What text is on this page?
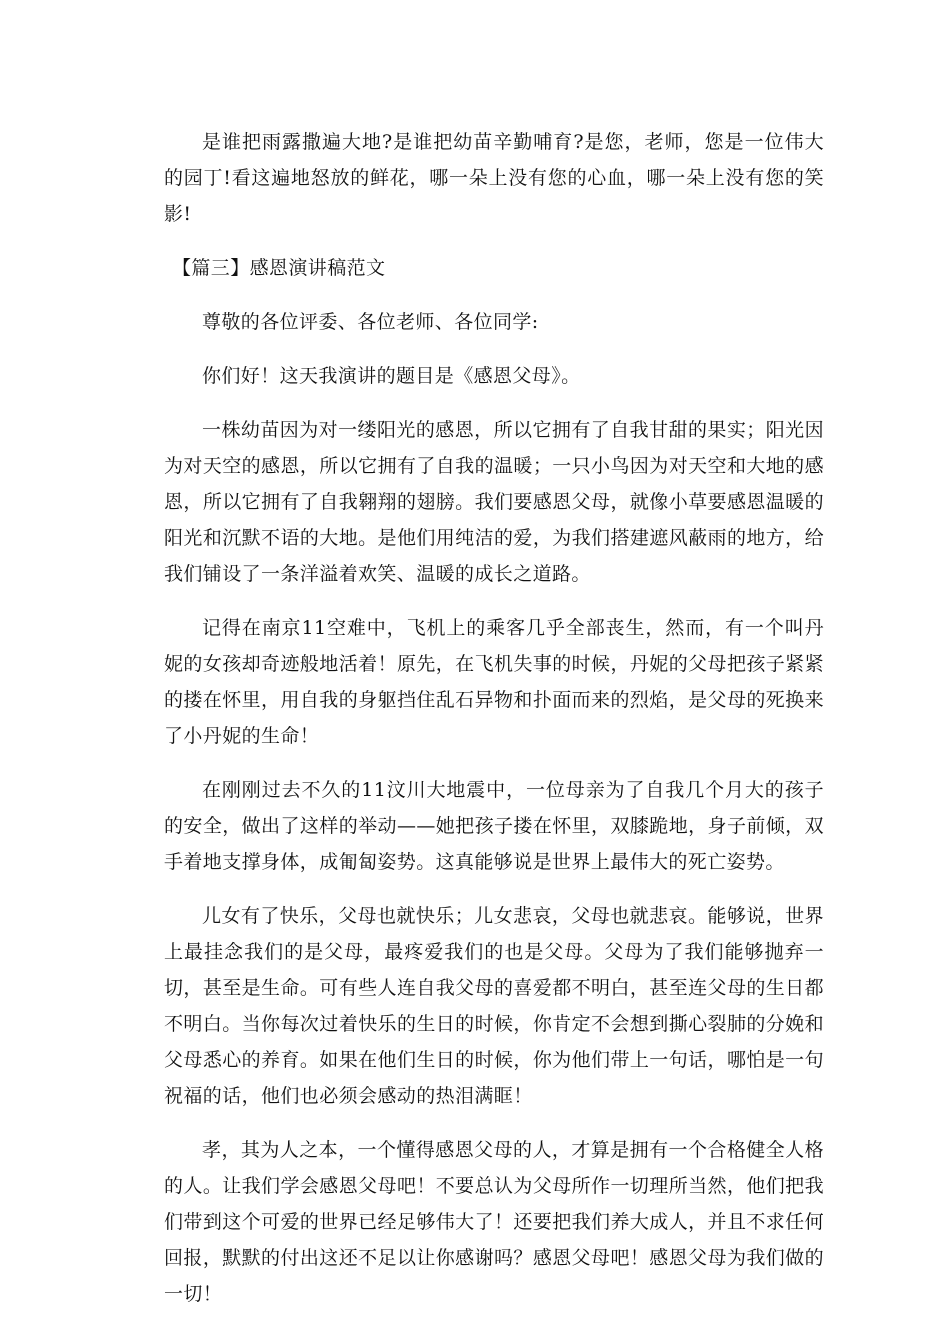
是谁把雨露撒遍大地?是谁把幼苗辛勤哺育?是您，老师，您是一位伟大的园丁!看这遍地怒放的鲜花，哪一朵上没有您的心血，哪一朵上没有您的笑影!

【篇三】感恩演讲稿范文

尊敬的各位评委、各位老师、各位同学:

你们好！这天我演讲的题目是《感恩父母》。

一株幼苗因为对一缕阳光的感恩，所以它拥有了自我甘甜的果实；阳光因为对天空的感恩，所以它拥有了自我的温暖；一只小鸟因为对天空和大地的感恩，所以它拥有了自我翱翔的翅膀。我们要感恩父母，就像小草要感恩温暖的阳光和沉默不语的大地。是他们用纯洁的爱，为我们搭建遮风蔽雨的地方，给我们铺设了一条洋溢着欢笑、温暖的成长之道路。

记得在南京11空难中，飞机上的乘客几乎全部丧生，然而，有一个叫丹妮的女孩却奇迹般地活着！原先，在飞机失事的时候，丹妮的父母把孩子紧紧的搂在怀里，用自我的身躯挡住乱石异物和扑面而来的烈焰，是父母的死换来了小丹妮的生命！

在刚刚过去不久的11汶川大地震中，一位母亲为了自我几个月大的孩子的安全，做出了这样的举动——她把孩子搂在怀里，双膝跪地，身子前倾，双手着地支撑身体，成匍匐姿势。这真能够说是世界上最伟大的死亡姿势。

儿女有了快乐，父母也就快乐；儿女悲哀，父母也就悲哀。能够说，世界上最挂念我们的是父母，最疼爱我们的也是父母。父母为了我们能够抛弃一切，甚至是生命。可有些人连自我父母的喜爱都不明白，甚至连父母的生日都不明白。当你每次过着快乐的生日的时候，你肯定不会想到撕心裂肺的分娩和父母悉心的养育。如果在他们生日的时候，你为他们带上一句话，哪怕是一句祝福的话，他们也必须会感动的热泪满眶！

孝，其为人之本，一个懂得感恩父母的人，才算是拥有一个合格健全人格的人。让我们学会感恩父母吧！不要总认为父母所作一切理所当然，他们把我们带到这个可爱的世界已经足够伟大了！还要把我们养大成人，并且不求任何回报，默默的付出这还不足以让你感谢吗？感恩父母吧！感恩父母为我们做的一切！
